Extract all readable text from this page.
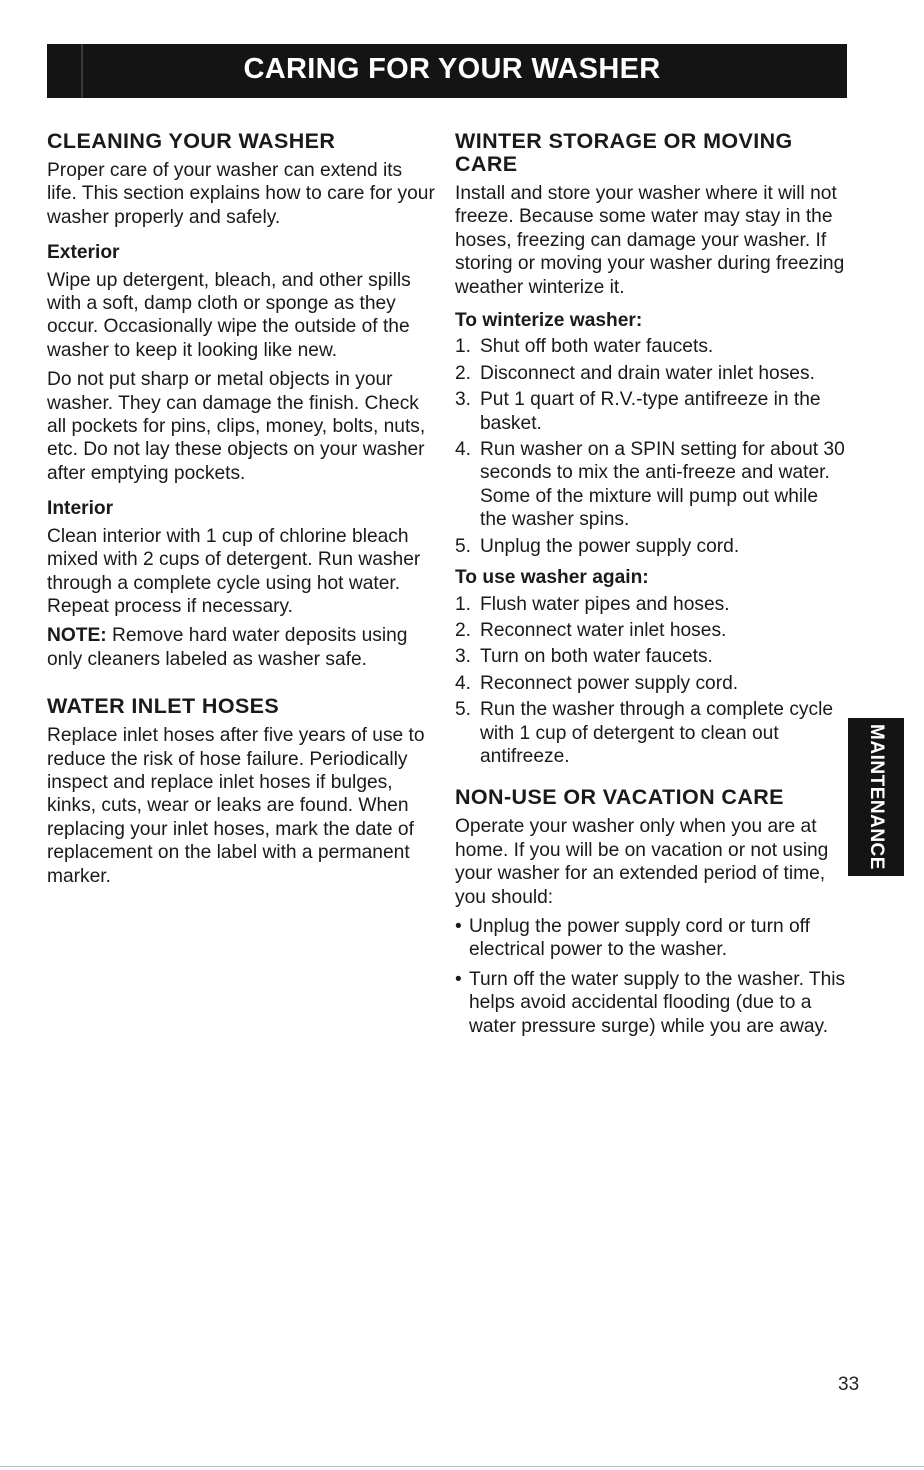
CARING FOR YOUR WASHER
CLEANING YOUR WASHER

Proper care of your washer can extend its life. This section explains how to care for your washer properly and safely.

Exterior

Wipe up detergent, bleach, and other spills with a soft, damp cloth or sponge as they occur. Occasionally wipe the outside of the washer to keep it looking like new.

Do not put sharp or metal objects in your washer. They can damage the finish. Check all pockets for pins, clips, money, bolts, nuts, etc. Do not lay these objects on your washer after emptying pockets.

Interior

Clean interior with 1 cup of chlorine bleach mixed with 2 cups of detergent. Run washer through a complete cycle using hot water. Repeat process if necessary.

NOTE: Remove hard water deposits using only cleaners labeled as washer safe.

WATER INLET HOSES

Replace inlet hoses after five years of use to reduce the risk of hose failure. Periodically inspect and replace inlet hoses if bulges, kinks, cuts, wear or leaks are found. When replacing your inlet hoses, mark the date of replacement on the label with a permanent marker.

WINTER STORAGE OR MOVING CARE

Install and store your washer where it will not freeze. Because some water may stay in the hoses, freezing can damage your washer. If storing or moving your washer during freezing weather winterize it.

To winterize washer:
1. Shut off both water faucets.
2. Disconnect and drain water inlet hoses.
3. Put 1 quart of R.V.-type antifreeze in the basket.
4. Run washer on a SPIN setting for about 30 seconds to mix the anti-freeze and water. Some of the mixture will pump out while the washer spins.
5. Unplug the power supply cord.
To use washer again:
1. Flush water pipes and hoses.
2. Reconnect water inlet hoses.
3. Turn on both water faucets.
4. Reconnect power supply cord.
5. Run the washer through a complete cycle with 1 cup of detergent to clean out antifreeze.
NON-USE OR VACATION CARE

Operate your washer only when you are at home. If you will be on vacation or not using your washer for an extended period of time, you should:

• Unplug the power supply cord or turn off electrical power to the washer.
• Turn off the water supply to the washer. This helps avoid accidental flooding (due to a water pressure surge) while you are away.
MAINTENANCE
33
